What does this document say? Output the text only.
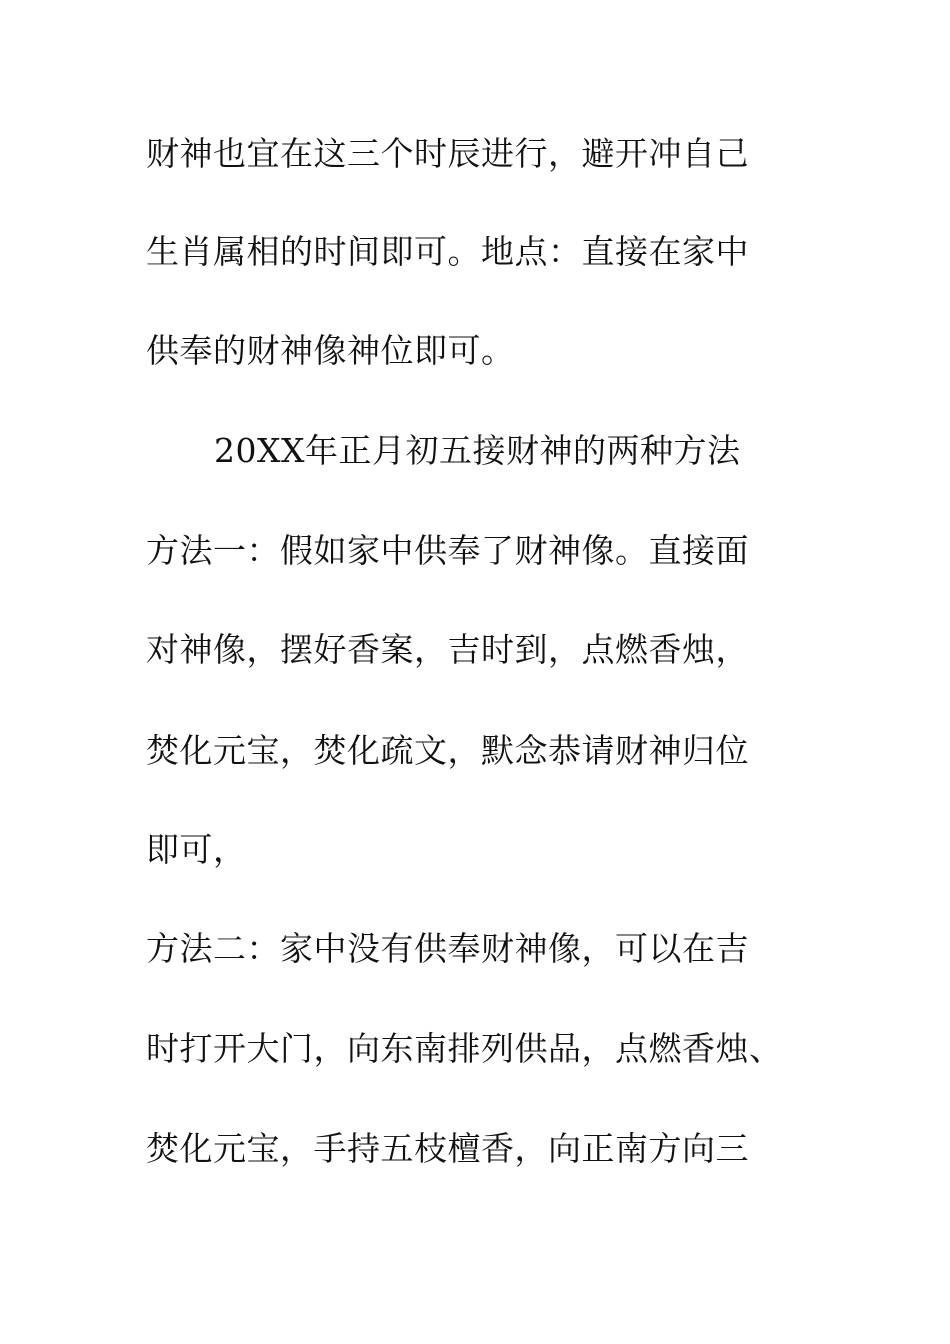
财神也宜在这三个时辰进行，避开冲自己
生肖属相的时间即可。地点：直接在家中
供奉的财神像神位即可。
20XX年正月初五接财神的两种方法
方法一：假如家中供奉了财神像。直接面
对神像，摆好香案，吉时到，点燃香烛，
焚化元宝，焚化疏文，默念恭请财神归位
即可，
方法二：家中没有供奉财神像，可以在吉
时打开大门，向东南排列供品，点燃香烛、
焚化元宝，手持五枝檀香，向正南方向三
